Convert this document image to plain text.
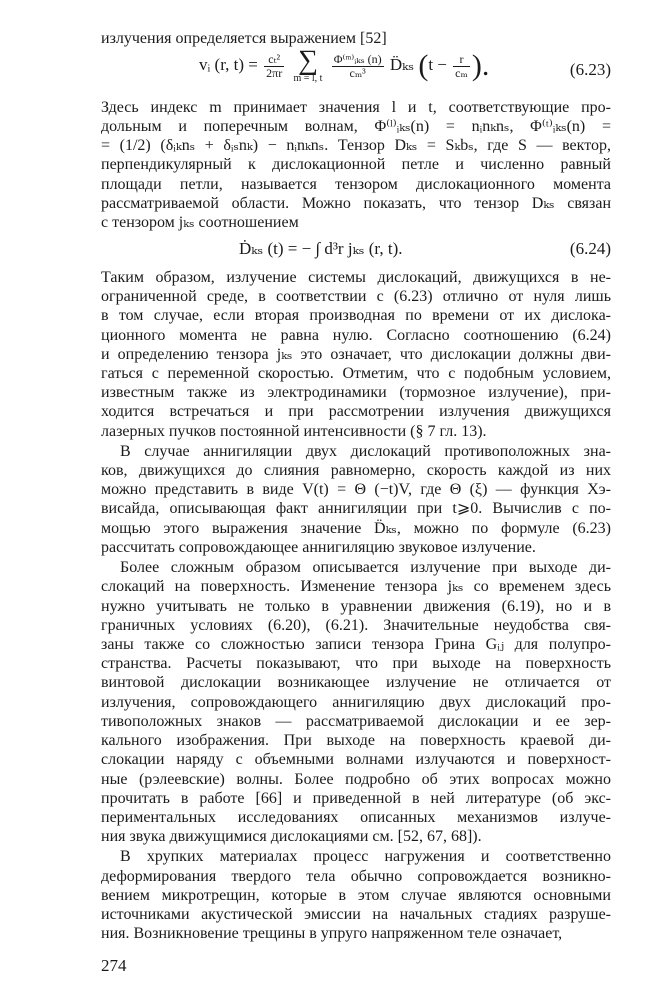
излучения определяется выражением [52]
vᵢ (r, $t) = \frac{\text{cₜ²}}{2\pi r}$
∑
m = l, t
$\frac{\text{Φ⁽ᵐ⁾ᵢₖₛ (n)}}{\text{cₘ³}}$ D̈ₖₛ ($t - \frac{r}{\text{cₘ}}$ ).	(6.23)
Здесь индекс m принимает значения l и t, соответствующие про-
дольным и поперечным волнам, Φ⁽ˡ⁾ᵢₖₛ(n) = nᵢnₖnₛ, Φ⁽ᵗ⁾ᵢₖₛ(n) =
= (1/2) (δᵢₖnₛ + δᵢₛnₖ) − nᵢnₖnₛ. Тензор Dₖₛ = Sₖbₛ, где S — вектор,
перпендикулярный к дислокационной петле и численно равный
площади петли, называется тензором дислокационного момента
рассматриваемой области. Можно показать, что тензор Dₖₛ связан
с тензором jₖₛ соотношением
Ḋₖₛ (t) = − ∫ d³r jₖₛ (r, t).	(6.24)
Таким образом, излучение системы дислокаций, движущихся в не-
ограниченной среде, в соответствии с (6.23) отлично от нуля лишь
в том случае, если вторая производная по времени от их дислока-
ционного момента не равна нулю. Согласно соотношению (6.24)
и определению тензора jₖₛ это означает, что дислокации должны дви-
гаться с переменной скоростью. Отметим, что с подобным условием,
известным также из электродинамики (тормозное излучение), при-
ходится встречаться и при рассмотрении излучения движущихся
лазерных пучков постоянной интенсивности (§ 7 гл. 13).
В случае аннигиляции двух дислокаций противоположных зна-
ков, движущихся до слияния равномерно, скорость каждой из них
можно представить в виде V(t) = Θ (−t)V, где Θ (ξ) — функция Хэ-
висайда, описывающая факт аннигиляции при t⩾0. Вычислив с по-
мощью этого выражения значение D̈ₖₛ, можно по формуле (6.23)
рассчитать сопровождающее аннигиляцию звуковое излучение.
Более сложным образом описывается излучение при выходе ди-
слокаций на поверхность. Изменение тензора jₖₛ со временем здесь
нужно учитывать не только в уравнении движения (6.19), но и в
граничных условиях (6.20), (6.21). Значительные неудобства свя-
заны также со сложностью записи тензора Грина Gᵢⱼ для полупро-
странства. Расчеты показывают, что при выходе на поверхность
винтовой дислокации возникающее излучение не отличается от
излучения, сопровождающего аннигиляцию двух дислокаций про-
тивоположных знаков — рассматриваемой дислокации и ее зер-
кального изображения. При выходе на поверхность краевой ди-
слокации наряду с объемными волнами излучаются и поверхност-
ные (рэлеевские) волны. Более подробно об этих вопросах можно
прочитать в работе [66] и приведенной в ней литературе (об экс-
периментальных исследованиях описанных механизмов излуче-
ния звука движущимися дислокациями см. [52, 67, 68]).
В хрупких материалах процесс нагружения и соответственно
деформирования твердого тела обычно сопровождается возникно-
вением микротрещин, которые в этом случае являются основными
источниками акустической эмиссии на начальных стадиях разруше-
274
ния. Возникновение трещины в упруго напряженном теле означает,
